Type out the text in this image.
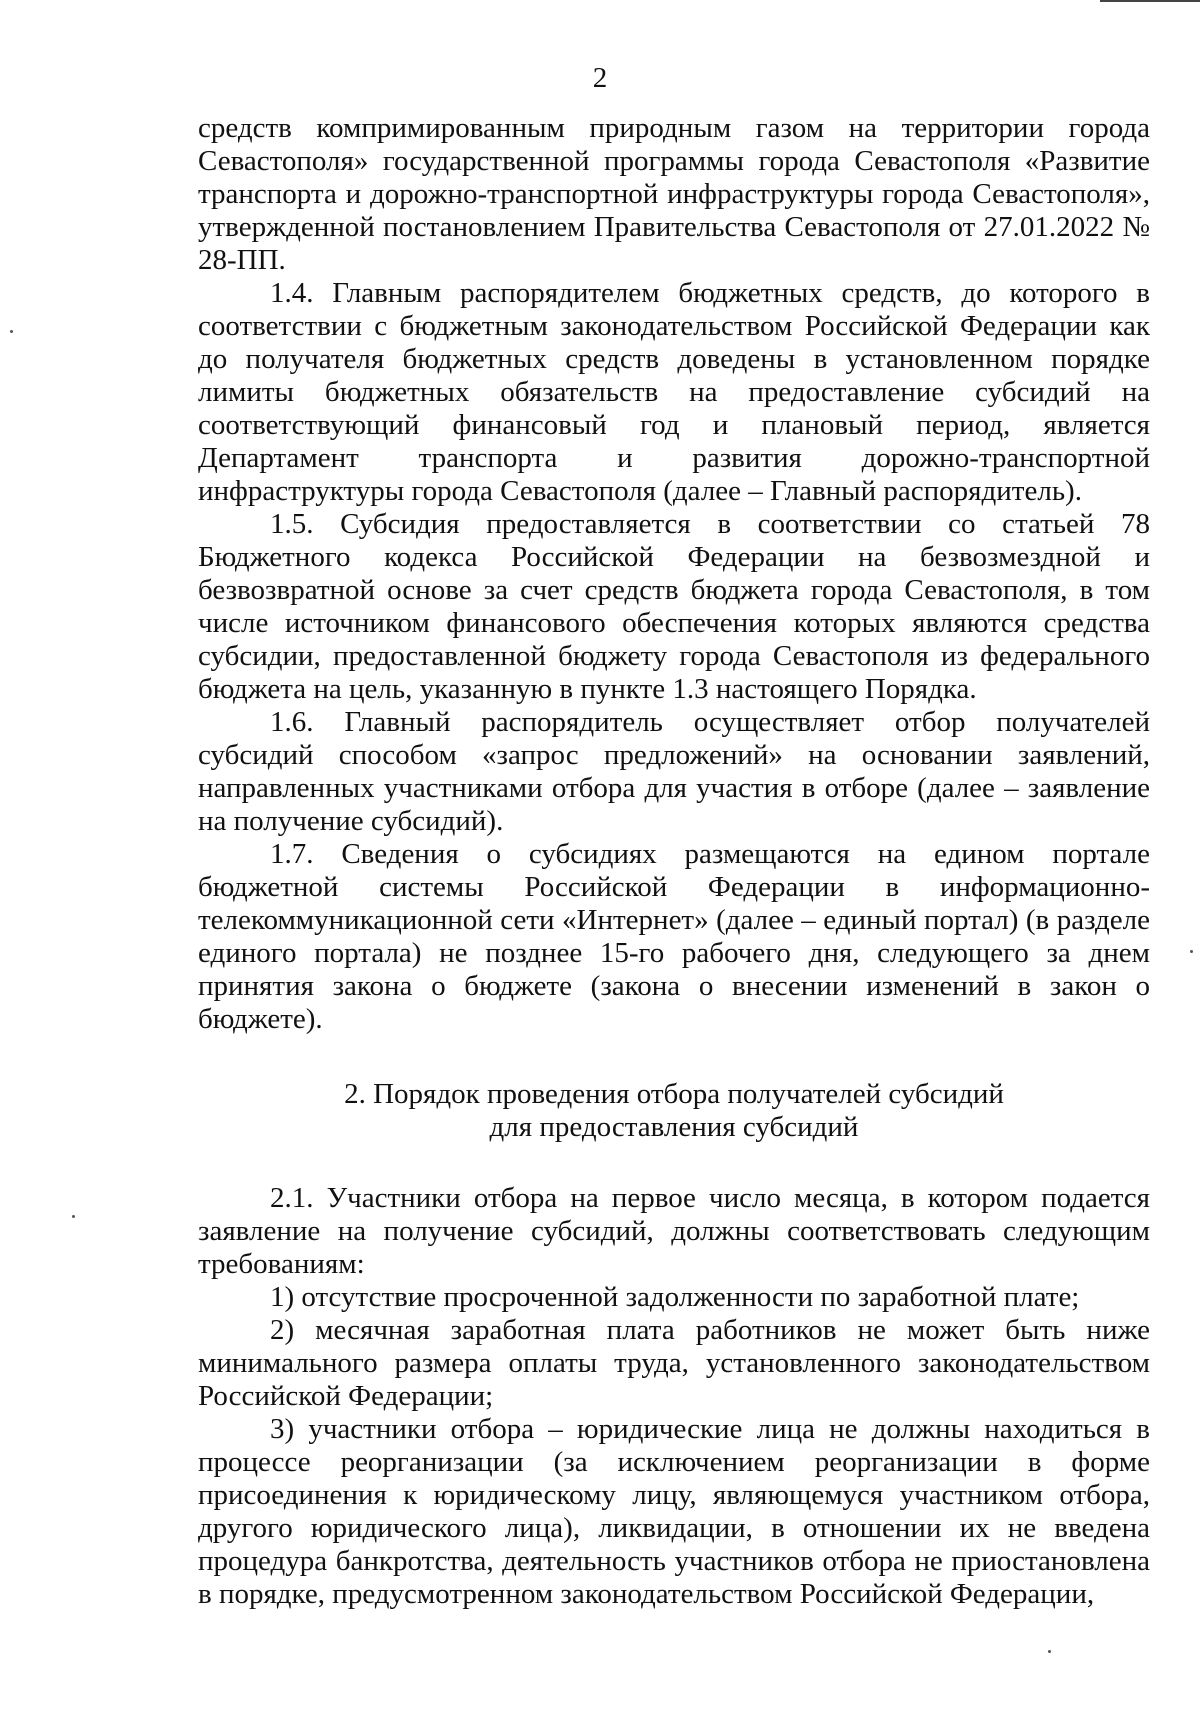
2

средств компримированным природным газом на территории города Севастополя» государственной программы города Севастополя «Развитие транспорта и дорожно-транспортной инфраструктуры города Севастополя», утвержденной постановлением Правительства Севастополя от 27.01.2022 № 28-ПП.

1.4. Главным распорядителем бюджетных средств, до которого в соответствии с бюджетным законодательством Российской Федерации как до получателя бюджетных средств доведены в установленном порядке лимиты бюджетных обязательств на предоставление субсидий на соответствующий финансовый год и плановый период, является Департамент транспорта и развития дорожно-транспортной инфраструктуры города Севастополя (далее – Главный распорядитель).

1.5. Субсидия предоставляется в соответствии со статьей 78 Бюджетного кодекса Российской Федерации на безвозмездной и безвозвратной основе за счет средств бюджета города Севастополя, в том числе источником финансового обеспечения которых являются средства субсидии, предоставленной бюджету города Севастополя из федерального бюджета на цель, указанную в пункте 1.3 настоящего Порядка.

1.6. Главный распорядитель осуществляет отбор получателей субсидий способом «запрос предложений» на основании заявлений, направленных участниками отбора для участия в отборе (далее – заявление на получение субсидий).

1.7. Сведения о субсидиях размещаются на едином портале бюджетной системы Российской Федерации в информационно-телекоммуникационной сети «Интернет» (далее – единый портал) (в разделе единого портала) не позднее 15-го рабочего дня, следующего за днем принятия закона о бюджете (закона о внесении изменений в закон о бюджете).

2. Порядок проведения отбора получателей субсидий
для предоставления субсидий

2.1. Участники отбора на первое число месяца, в котором подается заявление на получение субсидий, должны соответствовать следующим требованиям:

1) отсутствие просроченной задолженности по заработной плате;

2) месячная заработная плата работников не может быть ниже минимального размера оплаты труда, установленного законодательством Российской Федерации;

3) участники отбора – юридические лица не должны находиться в процессе реорганизации (за исключением реорганизации в форме присоединения к юридическому лицу, являющемуся участником отбора, другого юридического лица), ликвидации, в отношении их не введена процедура банкротства, деятельность участников отбора не приостановлена в порядке, предусмотренном законодательством Российской Федерации,
